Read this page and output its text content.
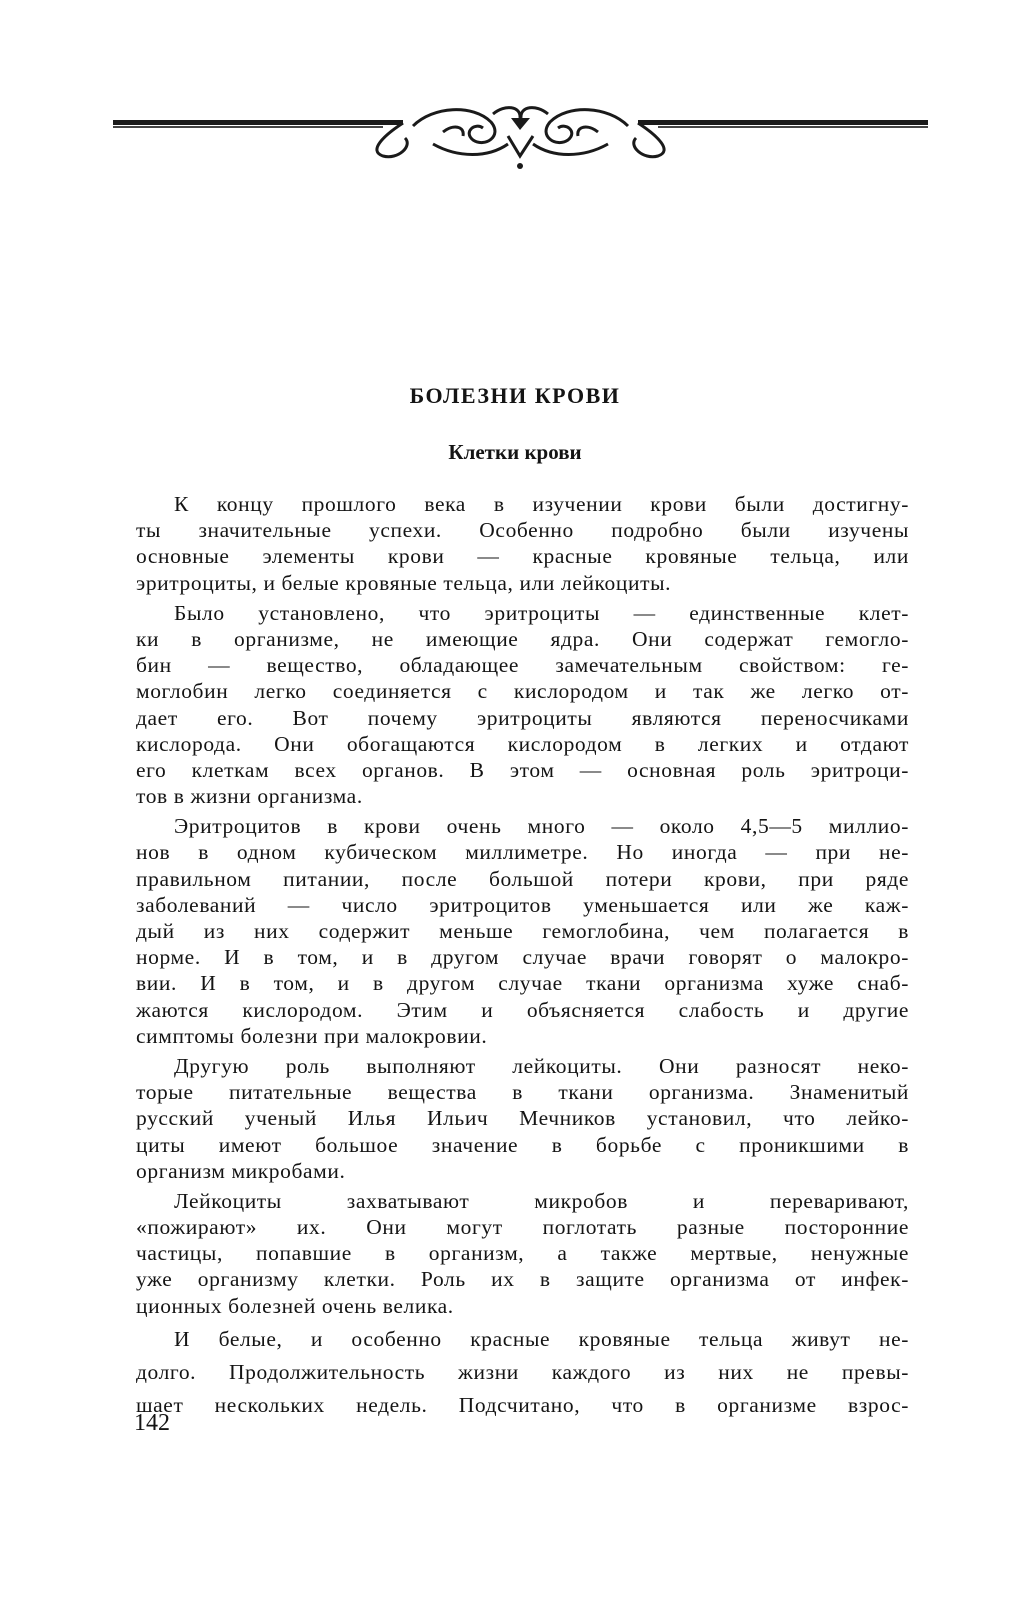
БОЛЕЗНИ КРОВИ
Клетки крови
К концу прошлого века в изучении крови были достигну-
ты значительные успехи. Особенно подробно были изучены
основные элементы крови — красные кровяные тельца, или
эритроциты, и белые кровяные тельца, или лейкоциты.
Было установлено, что эритроциты — единственные клет-
ки в организме, не имеющие ядра. Они содержат гемогло-
бин — вещество, обладающее замечательным свойством: ге-
моглобин легко соединяется с кислородом и так же легко от-
дает его. Вот почему эритроциты являются переносчиками
кислорода. Они обогащаются кислородом в легких и отдают
его клеткам всех органов. В этом — основная роль эритроци-
тов в жизни организма.
Эритроцитов в крови очень много — около 4,5—5 миллио-
нов в одном кубическом миллиметре. Но иногда — при не-
правильном питании, после большой потери крови, при ряде
заболеваний — число эритроцитов уменьшается или же каж-
дый из них содержит меньше гемоглобина, чем полагается в
норме. И в том, и в другом случае врачи говорят о малокро-
вии. И в том, и в другом случае ткани организма хуже снаб-
жаются кислородом. Этим и объясняется слабость и другие
симптомы болезни при малокровии.
Другую роль выполняют лейкоциты. Они разносят неко-
торые питательные вещества в ткани организма. Знаменитый
русский ученый Илья Ильич Мечников установил, что лейко-
циты имеют большое значение в борьбе с проникшими в
организм микробами.
Лейкоциты захватывают микробов и переваривают,
«пожирают» их. Они могут поглотать разные посторонние
частицы, попавшие в организм, а также мертвые, ненужные
уже организму клетки. Роль их в защите организма от инфек-
ционных болезней очень велика.
И белые, и особенно красные кровяные тельца живут не-
долго. Продолжительность жизни каждого из них не превы-
шает нескольких недель. Подсчитано, что в организме взрос-

142
